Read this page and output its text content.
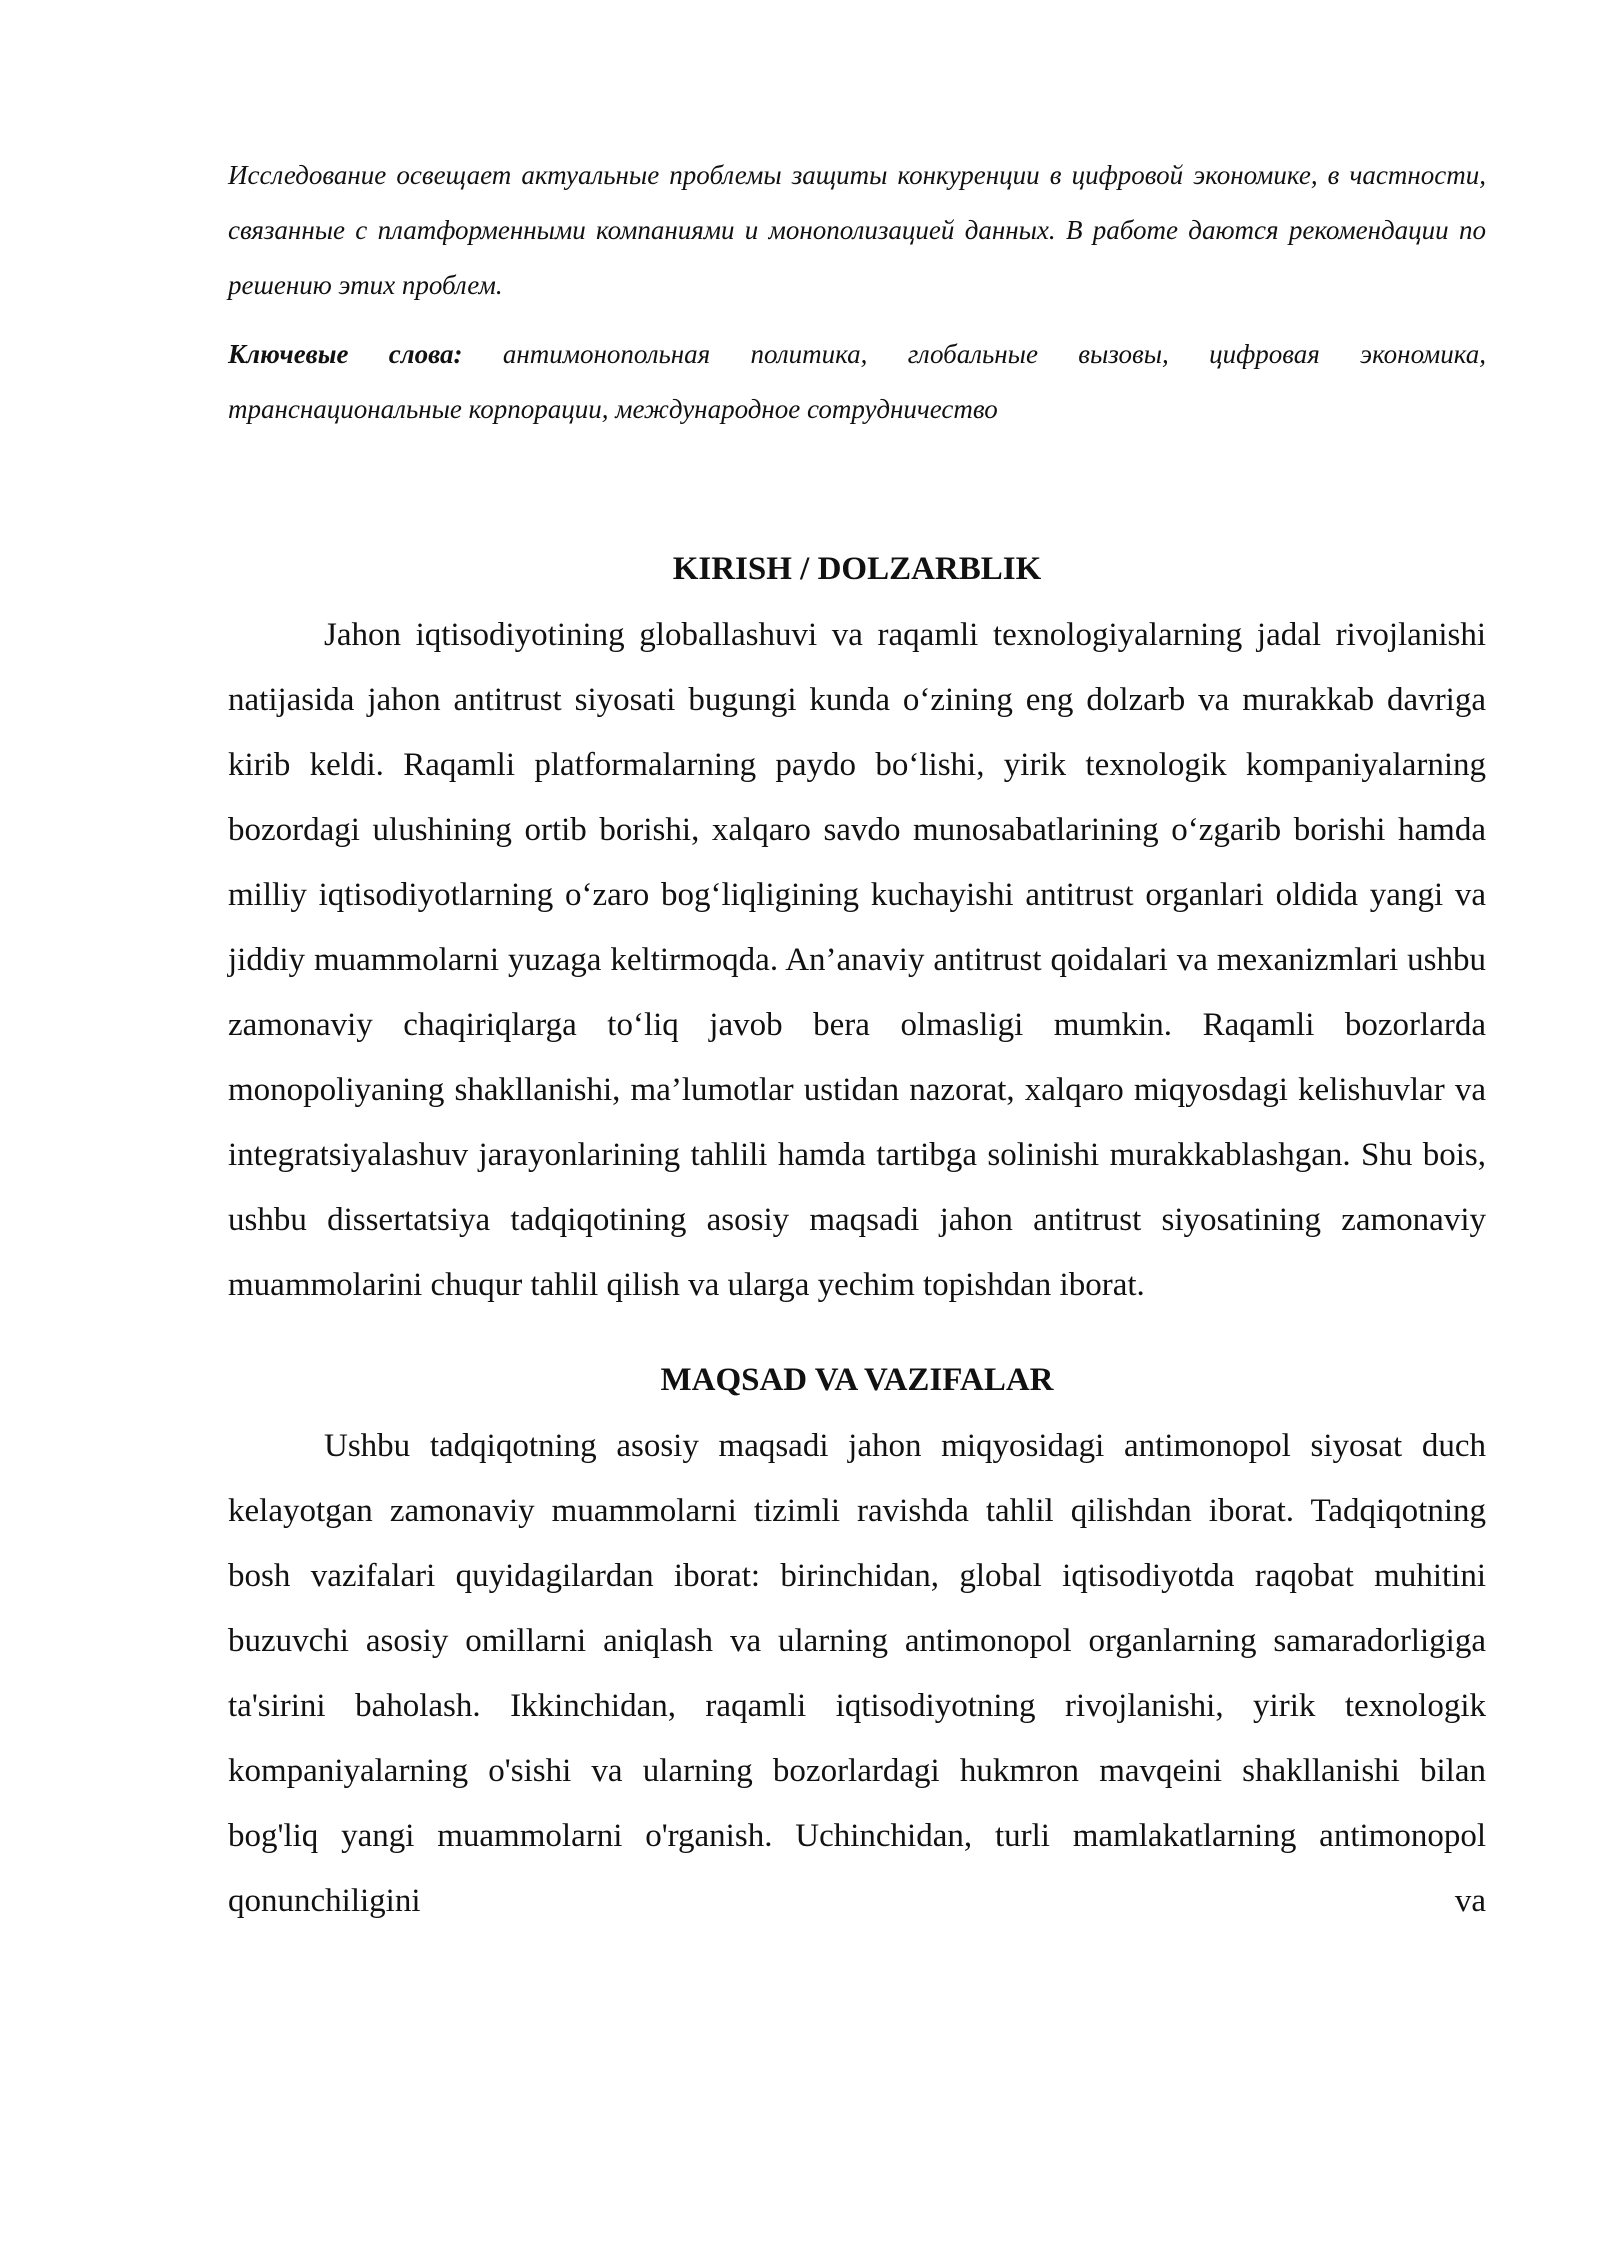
Исследование освещает актуальные проблемы защиты конкуренции в цифровой экономике, в частности, связанные с платформенными компаниями и монополизацией данных. В работе даются рекомендации по решению этих проблем.

Ключевые слова: антимонопольная политика, глобальные вызовы, цифровая экономика, транснациональные корпорации, международное сотрудничество

KIRISH / DOLZARBLIK

Jahon iqtisodiyotining globallashuvi va raqamli texnologiyalarning jadal rivojlanishi natijasida jahon antitrust siyosati bugungi kunda o‘zining eng dolzarb va murakkab davriga kirib keldi. Raqamli platformalarning paydo bo‘lishi, yirik texnologik kompaniyalarning bozordagi ulushining ortib borishi, xalqaro savdo munosabatlarining o‘zgarib borishi hamda milliy iqtisodiyotlarning o‘zaro bog‘liqligining kuchayishi antitrust organlari oldida yangi va jiddiy muammolarni yuzaga keltirmoqda. An’anaviy antitrust qoidalari va mexanizmlari ushbu zamonaviy chaqiriqlarga to‘liq javob bera olmasligi mumkin. Raqamli bozorlarda monopoliyaning shakllanishi, ma’lumotlar ustidan nazorat, xalqaro miqyosdagi kelishuvlar va integratsiyalashuv jarayonlarining tahlili hamda tartibga solinishi murakkablashgan. Shu bois, ushbu dissertatsiya tadqiqotining asosiy maqsadi jahon antitrust siyosatining zamonaviy muammolarini chuqur tahlil qilish va ularga yechim topishdan iborat.

MAQSAD VA VAZIFALAR

Ushbu tadqiqotning asosiy maqsadi jahon miqyosidagi antimonopol siyosat duch kelayotgan zamonaviy muammolarni tizimli ravishda tahlil qilishdan iborat. Tadqiqotning bosh vazifalari quyidagilardan iborat: birinchidan, global iqtisodiyotda raqobat muhitini buzuvchi asosiy omillarni aniqlash va ularning antimonopol organlarning samaradorligiga ta'sirini baholash. Ikkinchidan, raqamli iqtisodiyotning rivojlanishi, yirik texnologik kompaniyalarning o'sishi va ularning bozorlardagi hukmron mavqeini shakllanishi bilan bog'liq yangi muammolarni o'rganish. Uchinchidan, turli mamlakatlarning antimonopol qonunchiligini va
